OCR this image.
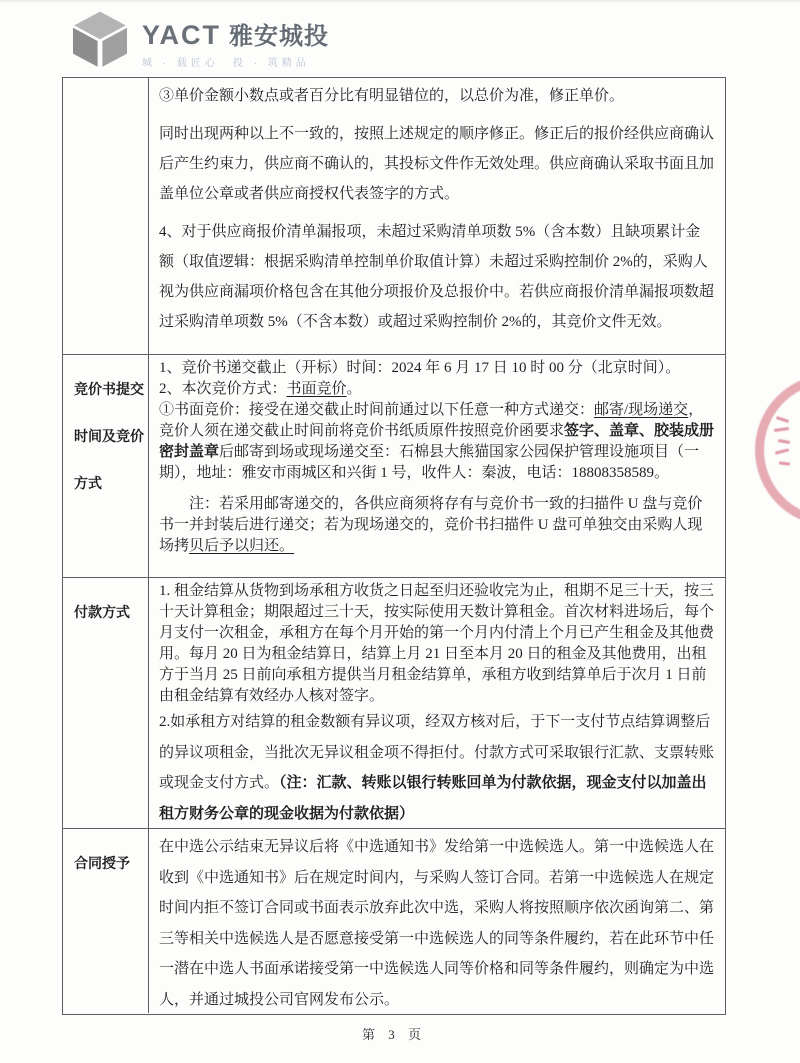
YACT 雅安城投
城 · 载匠心　投 · 筑精品

③单价金额小数点或者百分比有明显错位的，以总价为准，修正单价。

同时出现两种以上不一致的，按照上述规定的顺序修正。修正后的报价经供应商确认后产生约束力，供应商不确认的，其投标文件作无效处理。供应商确认采取书面且加盖单位公章或者供应商授权代表签字的方式。

4、对于供应商报价清单漏报项，未超过采购清单项数 5%（含本数）且缺项累计金额（取值逻辑：根据采购清单控制单价取值计算）未超过采购控制价 2%的，采购人视为供应商漏项价格包含在其他分项报价及总报价中。若供应商报价清单漏报项数超过采购清单项数 5%（不含本数）或超过采购控制价 2%的，其竞价文件无效。

竞价书提交时间及竞价方式

1、竞价书递交截止（开标）时间：2024 年 6 月 17 日 10 时 00 分（北京时间）。

2、本次竞价方式：书面竞价。

①书面竞价：接受在递交截止时间前通过以下任意一种方式递交：邮寄/现场递交，竞价人须在递交截止时间前将竞价书纸质原件按照竞价函要求签字、盖章、胶装成册密封盖章后邮寄到场或现场递交至：石棉县大熊猫国家公园保护管理设施项目（一期），地址：雅安市雨城区和兴街 1 号，收件人：秦波，电话：18808358589。

注：若采用邮寄递交的，各供应商须将存有与竞价书一致的扫描件 U 盘与竞价书一并封装后进行递交；若为现场递交的，竞价书扫描件 U 盘可单独交由采购人现场拷贝后予以归还。

付款方式

1. 租金结算从货物到场承租方收货之日起至归还验收完为止，租期不足三十天，按三十天计算租金；期限超过三十天，按实际使用天数计算租金。首次材料进场后，每个月支付一次租金，承租方在每个月开始的第一个月内付清上个月已产生租金及其他费用。每月 20 日为租金结算日，结算上月 21 日至本月 20 日的租金及其他费用，出租方于当月 25 日前向承租方提供当月租金结算单，承租方收到结算单后于次月 1 日前由租金结算有效经办人核对签字。

2.如承租方对结算的租金数额有异议项，经双方核对后，于下一支付节点结算调整后的异议项租金，当批次无异议租金项不得拒付。付款方式可采取银行汇款、支票转账或现金支付方式。（注：汇款、转账以银行转账回单为付款依据，现金支付以加盖出租方财务公章的现金收据为付款依据）

合同授予

在中选公示结束无异议后将《中选通知书》发给第一中选候选人。第一中选候选人在收到《中选通知书》后在规定时间内，与采购人签订合同。若第一中选候选人在规定时间内拒不签订合同或书面表示放弃此次中选，采购人将按照顺序依次函询第二、第三等相关中选候选人是否愿意接受第一中选候选人的同等条件履约，若在此环节中任一潜在中选人书面承诺接受第一中选候选人同等价格和同等条件履约，则确定为中选人，并通过城投公司官网发布公示。

第 3 页
